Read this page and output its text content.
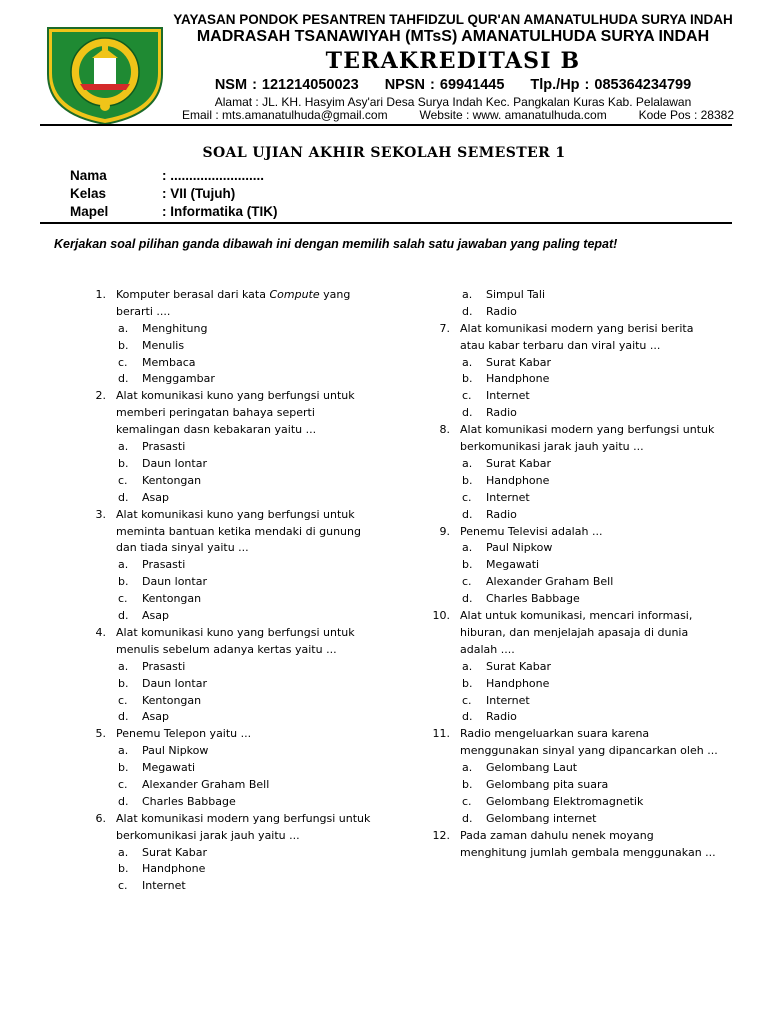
YAYASAN PONDOK PESANTREN TAHFIDZUL QUR'AN AMANATULHUDA SURYA INDAH
MADRASAH TSANAWIYAH (MTsS) AMANATULHUDA SURYA INDAH
TERAKREDITASI B
NSM : 121214050023 NPSN : 69941445 Tlp./Hp : 085364234799
Alamat : JL. KH. Hasyim Asy'ari Desa Surya Indah Kec. Pangkalan Kuras Kab. Pelalawan
Email : mts.amanatulhuda@gmail.com	Website : www. amanatulhuda.com	Kode Pos : 28382
SOAL UJIAN AKHIR SEKOLAH SEMESTER 1
Nama	: .........................
Kelas	: VII (Tujuh)
Mapel	: Informatika (TIK)
Kerjakan soal pilihan ganda dibawah ini dengan memilih salah satu jawaban yang paling tepat!
1. Komputer berasal dari kata Compute yang berarti ....
a. Menghitung
b. Menulis
c. Membaca
d. Menggambar
2. Alat komunikasi kuno yang berfungsi untuk memberi peringatan bahaya seperti kemalingan dasn kebakaran yaitu ...
a. Prasasti
b. Daun lontar
c. Kentongan
d. Asap
3. Alat komunikasi kuno yang berfungsi untuk meminta bantuan ketika mendaki di gunung dan tiada sinyal yaitu ...
a. Prasasti
b. Daun lontar
c. Kentongan
d. Asap
4. Alat komunikasi kuno yang berfungsi untuk menulis sebelum adanya kertas yaitu ...
a. Prasasti
b. Daun lontar
c. Kentongan
d. Asap
5. Penemu Telepon yaitu ...
a. Paul Nipkow
b. Megawati
c. Alexander Graham Bell
d. Charles Babbage
6. Alat komunikasi modern yang berfungsi untuk berkomunikasi jarak jauh yaitu ...
a. Surat Kabar
b. Handphone
c. Internet
a. Simpul Tali
d. Radio
7. Alat komunikasi modern yang berisi berita atau kabar terbaru dan viral yaitu ...
a. Surat Kabar
b. Handphone
c. Internet
d. Radio
8. Alat komunikasi modern yang berfungsi untuk berkomunikasi jarak jauh yaitu ...
a. Surat Kabar
b. Handphone
c. Internet
d. Radio
9. Penemu Televisi adalah ...
a. Paul Nipkow
b. Megawati
c. Alexander Graham Bell
d. Charles Babbage
10. Alat untuk komunikasi, mencari informasi, hiburan, dan menjelajah apasaja di dunia adalah ....
a. Surat Kabar
b. Handphone
c. Internet
d. Radio
11. Radio mengeluarkan suara karena menggunakan sinyal yang dipancarkan oleh ...
a. Gelombang Laut
b. Gelombang pita suara
c. Gelombang Elektromagnetik
d. Gelombang internet
12. Pada zaman dahulu nenek moyang menghitung jumlah gembala menggunakan ...
